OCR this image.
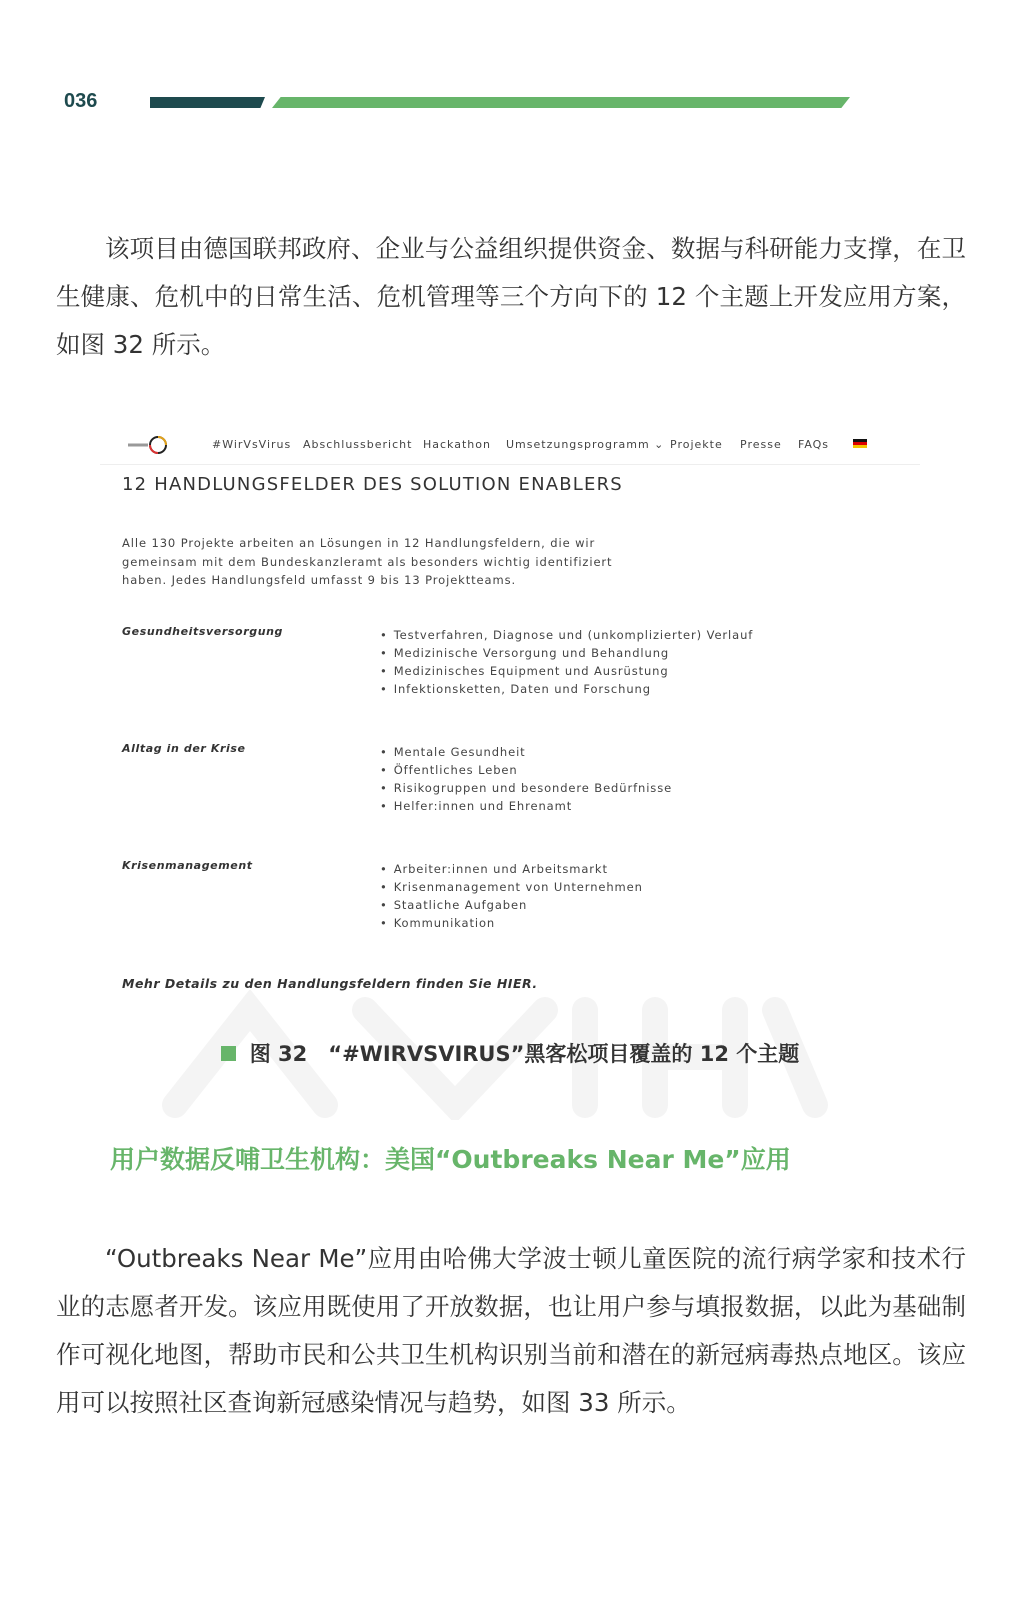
036

该项目由德国联邦政府、企业与公益组织提供资金、数据与科研能力支撑，在卫生健康、危机中的日常生活、危机管理等三个方向下的 12 个主题上开发应用方案，如图 32 所示。

#WirVsVirus Abschlussbericht Hackathon Umsetzungsprogramm ⌄ Projekte Presse FAQs
12 HANDLUNGSFELDER DES SOLUTION ENABLERS

Alle 130 Projekte arbeiten an Lösungen in 12 Handlungsfeldern, die wir gemeinsam mit dem Bundeskanzleramt als besonders wichtig identifiziert haben. Jedes Handlungsfeld umfasst 9 bis 13 Projektteams.

Gesundheitsversorgung	• Testverfahren, Diagnose und (unkomplizierter) Verlauf
• Medizinische Versorgung und Behandlung
• Medizinisches Equipment und Ausrüstung
• Infektionsketten, Daten und Forschung

Alltag in der Krise	• Mentale Gesundheit
• Öffentliches Leben
• Risikogruppen und besondere Bedürfnisse
• Helfer:innen und Ehrenamt

Krisenmanagement	• Arbeiter:innen und Arbeitsmarkt
• Krisenmanagement von Unternehmen
• Staatliche Aufgaben
• Kommunikation

Mehr Details zu den Handlungsfeldern finden Sie HIER.

图 32　“#WIRVSVIRUS”黑客松项目覆盖的 12 个主题

用户数据反哺卫生机构：美国“Outbreaks Near Me”应用

“Outbreaks Near Me”应用由哈佛大学波士顿儿童医院的流行病学家和技术行业的志愿者开发。该应用既使用了开放数据，也让用户参与填报数据，以此为基础制作可视化地图，帮助市民和公共卫生机构识别当前和潜在的新冠病毒热点地区。该应用可以按照社区查询新冠感染情况与趋势，如图 33 所示。
